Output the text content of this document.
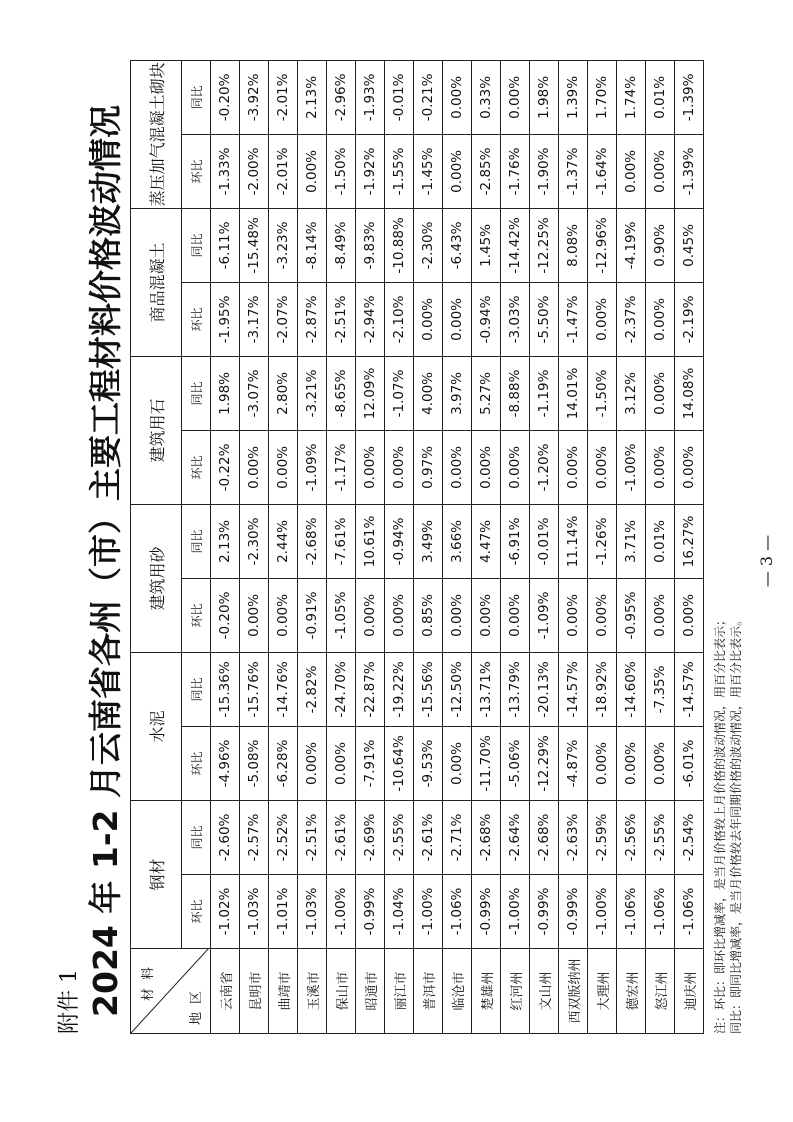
附件 1 2024 年 1-2 月云南省各州（市）主要工程材料价格波动情况	材料
地区	钢材		水泥		建筑用砂		建筑用石		商品混凝土		蒸压加气混凝土砌块	
	环比	同比	环比	同比	环比	同比	环比	同比	环比	同比	环比	同比
云南省	-1.02%	-2.60%	-4.96%	-15.36%	-0.20%	2.13%	-0.22%	1.98%	-1.95%	-6.11%	-1.33%	-0.20%
昆明市	-1.03%	-2.57%	-5.08%	-15.76%	0.00%	-2.30%	0.00%	-3.07%	-3.17%	-15.48%	-2.00%	-3.92%
曲靖市	-1.01%	-2.52%	-6.28%	-14.76%	0.00%	2.44%	0.00%	2.80%	-2.07%	-3.23%	-2.01%	-2.01%
玉溪市	-1.03%	-2.51%	0.00%	-2.82%	-0.91%	-2.68%	-1.09%	-3.21%	-2.87%	-8.14%	0.00%	2.13%
保山市	-1.00%	-2.61%	0.00%	-24.70%	-1.05%	-7.61%	-1.17%	-8.65%	-2.51%	-8.49%	-1.50%	-2.96%
昭通市	-0.99%	-2.69%	-7.91%	-22.87%	0.00%	10.61%	0.00%	12.09%	-2.94%	-9.83%	-1.92%	-1.93%
丽江市	-1.04%	-2.55%	-10.64%	-19.22%	0.00%	-0.94%	0.00%	-1.07%	-2.10%	-10.88%	-1.55%	-0.01%
普洱市	-1.00%	-2.61%	-9.53%	-15.56%	0.85%	3.49%	0.97%	4.00%	0.00%	-2.30%	-1.45%	-0.21%
临沧市	-1.06%	-2.71%	0.00%	-12.50%	0.00%	3.66%	0.00%	3.97%	0.00%	-6.43%	0.00%	0.00%
楚雄州	-0.99%	-2.68%	-11.70%	-13.71%	0.00%	4.47%	0.00%	5.27%	-0.94%	1.45%	-2.85%	0.33%
红河州	-1.00%	-2.64%	-5.06%	-13.79%	0.00%	-6.91%	0.00%	-8.88%	-3.03%	-14.42%	-1.76%	0.00%
文山州	-0.99%	-2.68%	-12.29%	-20.13%	-1.09%	-0.01%	-1.20%	-1.19%	-5.50%	-12.25%	-1.90%	1.98%
西双版纳州	-0.99%	-2.63%	-4.87%	-14.57%	0.00%	11.14%	0.00%	14.01%	-1.47%	8.08%	-1.37%	1.39%
大理州	-1.00%	-2.59%	0.00%	-18.92%	0.00%	-1.26%	0.00%	-1.50%	0.00%	-12.96%	-1.64%	1.70%
德宏州	-1.06%	-2.56%	0.00%	-14.60%	-0.95%	3.71%	-1.00%	3.12%	-2.37%	-4.19%	0.00%	1.74%
怒江州	-1.06%	-2.55%	0.00%	-7.35%	0.00%	0.01%	0.00%	0.00%	0.00%	0.90%	0.00%	0.01%
迪庆州	-1.06%	-2.54%	-6.01%	-14.57%	0.00%	16.27%	0.00%	14.08%	-2.19%	0.45%	-1.39%	-1.39%
注：环比：即环比增减率，是当月价格较上月价格的波动情况，用百分比表示； 同比：即同比增减率，是当月价格较去年同期价格的波动情况，用百分比表示。
— 3 —
